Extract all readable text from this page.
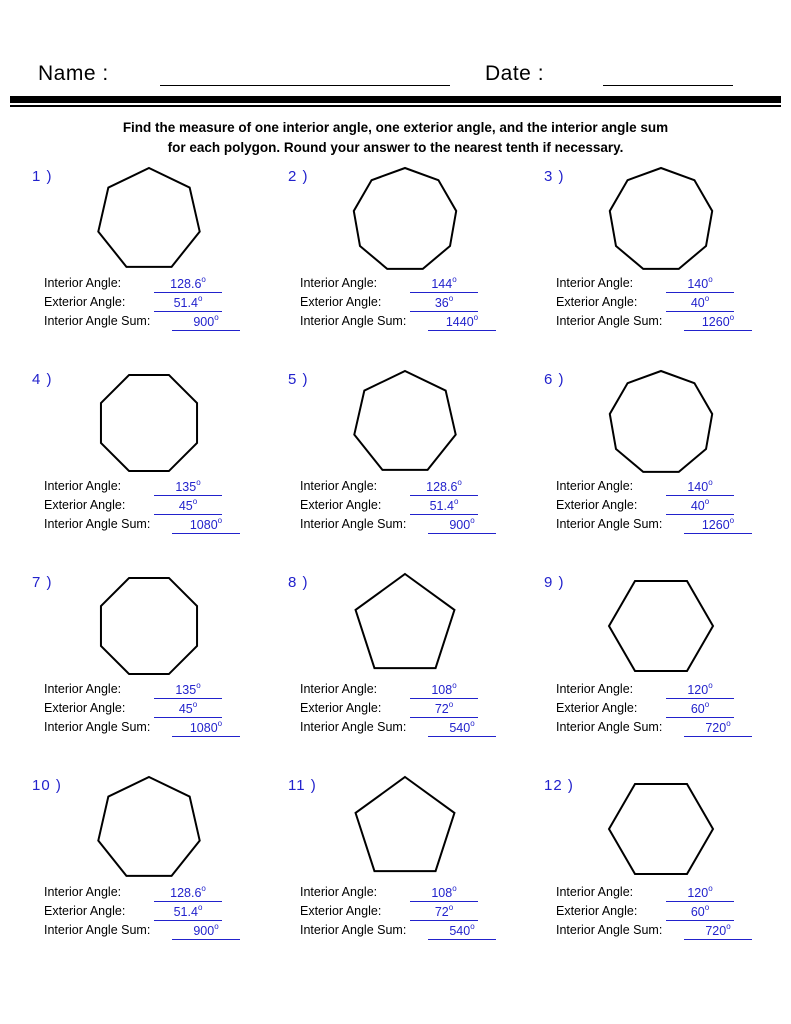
Name :	Date :
Find the measure of one interior angle, one exterior angle, and the interior angle sum
for each polygon. Round your answer to the nearest tenth if necessary.
1 )
Interior Angle:	128.6$^o$
Exterior Angle:	51.4$^o$
Interior Angle Sum:	900$^o$
2 )
Interior Angle:	144$^o$
Exterior Angle:	36$^o$
Interior Angle Sum:	1440$^o$
3 )
Interior Angle:	140$^o$
Exterior Angle:	40$^o$
Interior Angle Sum:	1260$^o$
4 )
Interior Angle:	135$^o$
Exterior Angle:	45$^o$
Interior Angle Sum:	1080$^o$
5 )
Interior Angle:	128.6$^o$
Exterior Angle:	51.4$^o$
Interior Angle Sum:	900$^o$
6 )
Interior Angle:	140$^o$
Exterior Angle:	40$^o$
Interior Angle Sum:	1260$^o$
7 )
Interior Angle:	135$^o$
Exterior Angle:	45$^o$
Interior Angle Sum:	1080$^o$
8 )
Interior Angle:	108$^o$
Exterior Angle:	72$^o$
Interior Angle Sum:	540$^o$
9 )
Interior Angle:	120$^o$
Exterior Angle:	60$^o$
Interior Angle Sum:	720$^o$
10 )
Interior Angle:	128.6$^o$
Exterior Angle:	51.4$^o$
Interior Angle Sum:	900$^o$
11 )
Interior Angle:	108$^o$
Exterior Angle:	72$^o$
Interior Angle Sum:	540$^o$
12 )
Interior Angle:	120$^o$
Exterior Angle:	60$^o$
Interior Angle Sum:	720$^o$
